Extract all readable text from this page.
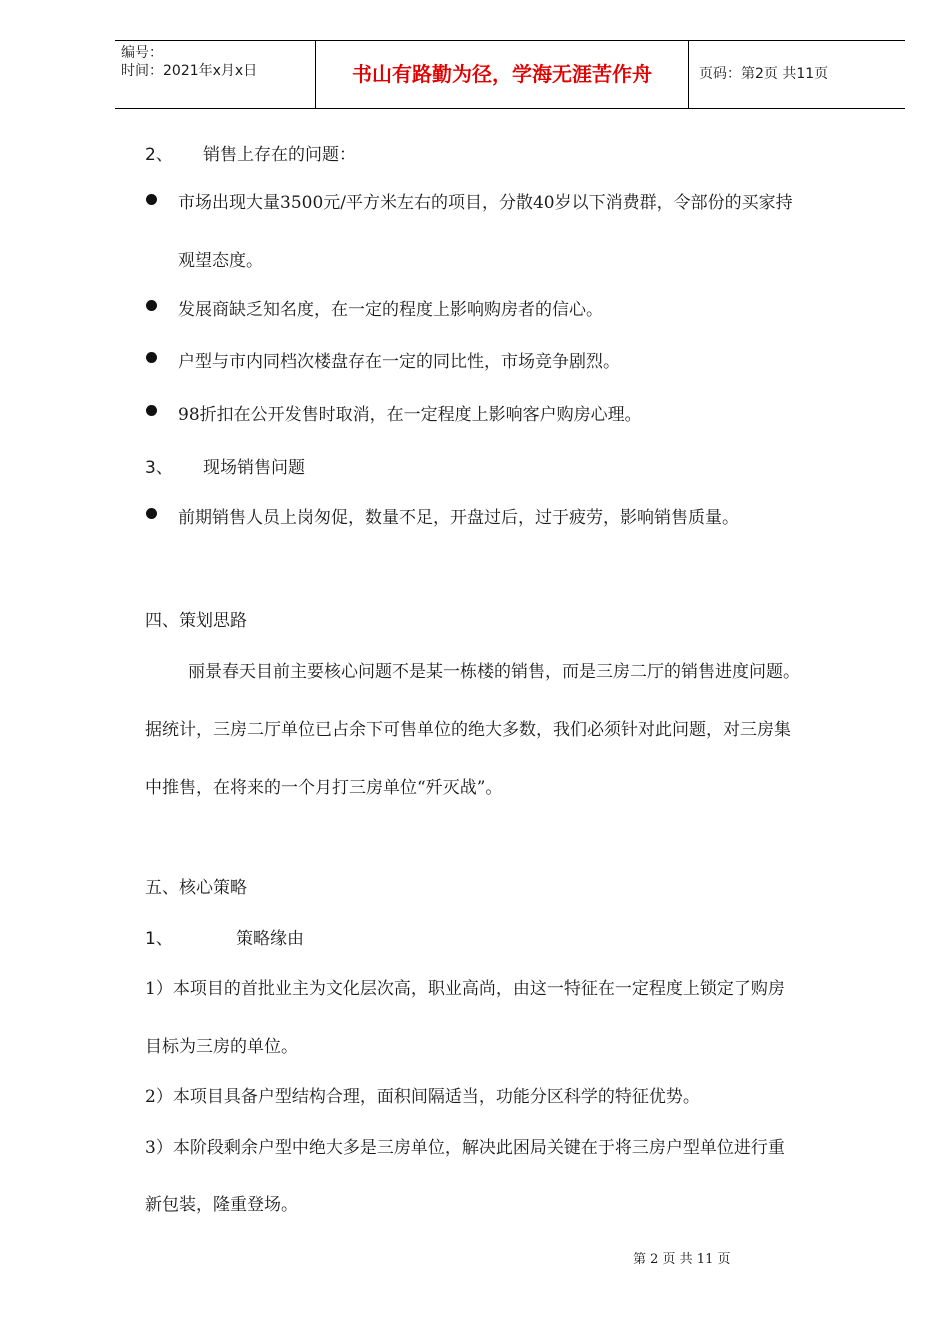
编号：
时间：2021年x月x日	书山有路勤为径，学海无涯苦作舟	页码：第2页 共11页
2、 销售上存在的问题：
市场出现大量3500元/平方米左右的项目，分散40岁以下消费群，令部份的买家持
观望态度。
发展商缺乏知名度，在一定的程度上影响购房者的信心。
户型与市内同档次楼盘存在一定的同比性，市场竞争剧烈。
98折扣在公开发售时取消，在一定程度上影响客户购房心理。
3、 现场销售问题
前期销售人员上岗匆促，数量不足，开盘过后，过于疲劳，影响销售质量。
四、策划思路
丽景春天目前主要核心问题不是某一栋楼的销售，而是三房二厅的销售进度问题。
据统计，三房二厅单位已占余下可售单位的绝大多数，我们必须针对此问题，对三房集
中推售，在将来的一个月打三房单位“歼灭战”。
五、核心策略
1、	策略缘由
1）本项目的首批业主为文化层次高，职业高尚，由这一特征在一定程度上锁定了购房
目标为三房的单位。
2）本项目具备户型结构合理，面积间隔适当，功能分区科学的特征优势。
3）本阶段剩余户型中绝大多是三房单位，解决此困局关键在于将三房户型单位进行重
新包装，隆重登场。
第 2 页 共 11 页
